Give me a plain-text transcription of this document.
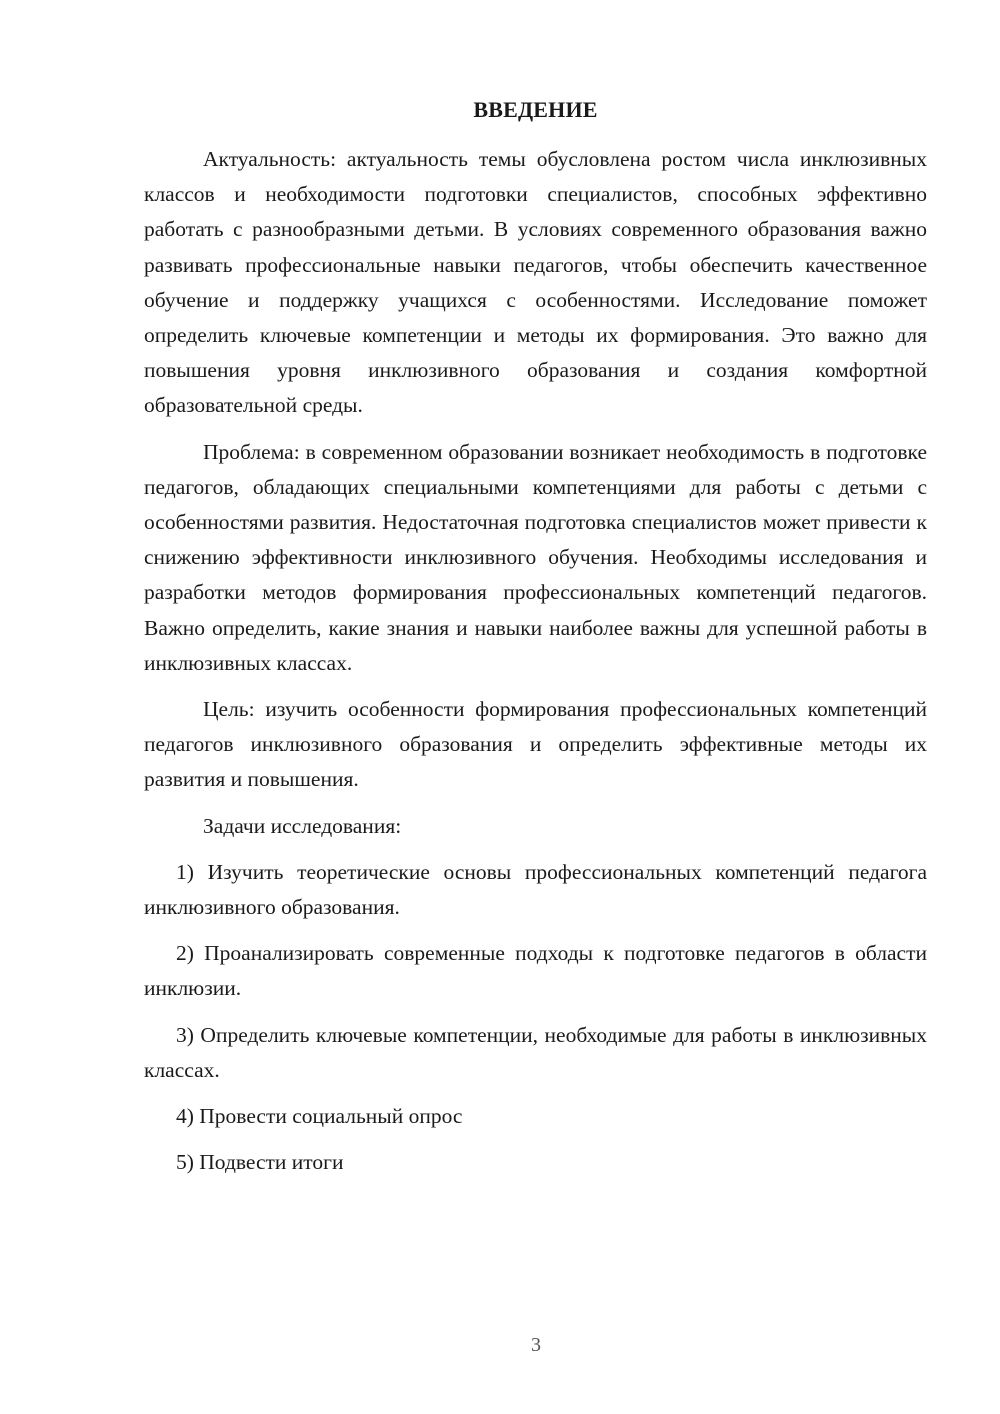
ВВЕДЕНИЕ

Актуальность: актуальность темы обусловлена ростом числа инклюзивных классов и необходимости подготовки специалистов, способных эффективно работать с разнообразными детьми. В условиях современного образования важно развивать профессиональные навыки педагогов, чтобы обеспечить качественное обучение и поддержку учащихся с особенностями. Исследование поможет определить ключевые компетенции и методы их формирования. Это важно для повышения уровня инклюзивного образования и создания комфортной образовательной среды.

Проблема: в современном образовании возникает необходимость в подготовке педагогов, обладающих специальными компетенциями для работы с детьми с особенностями развития. Недостаточная подготовка специалистов может привести к снижению эффективности инклюзивного обучения. Необходимы исследования и разработки методов формирования профессиональных компетенций педагогов. Важно определить, какие знания и навыки наиболее важны для успешной работы в инклюзивных классах.

Цель: изучить особенности формирования профессиональных компетенций педагогов инклюзивного образования и определить эффективные методы их развития и повышения.

Задачи исследования:

1) Изучить теоретические основы профессиональных компетенций педагога инклюзивного образования.

2) Проанализировать современные подходы к подготовке педагогов в области инклюзии.

3) Определить ключевые компетенции, необходимые для работы в инклюзивных классах.

4) Провести социальный опрос

5) Подвести итоги

3
